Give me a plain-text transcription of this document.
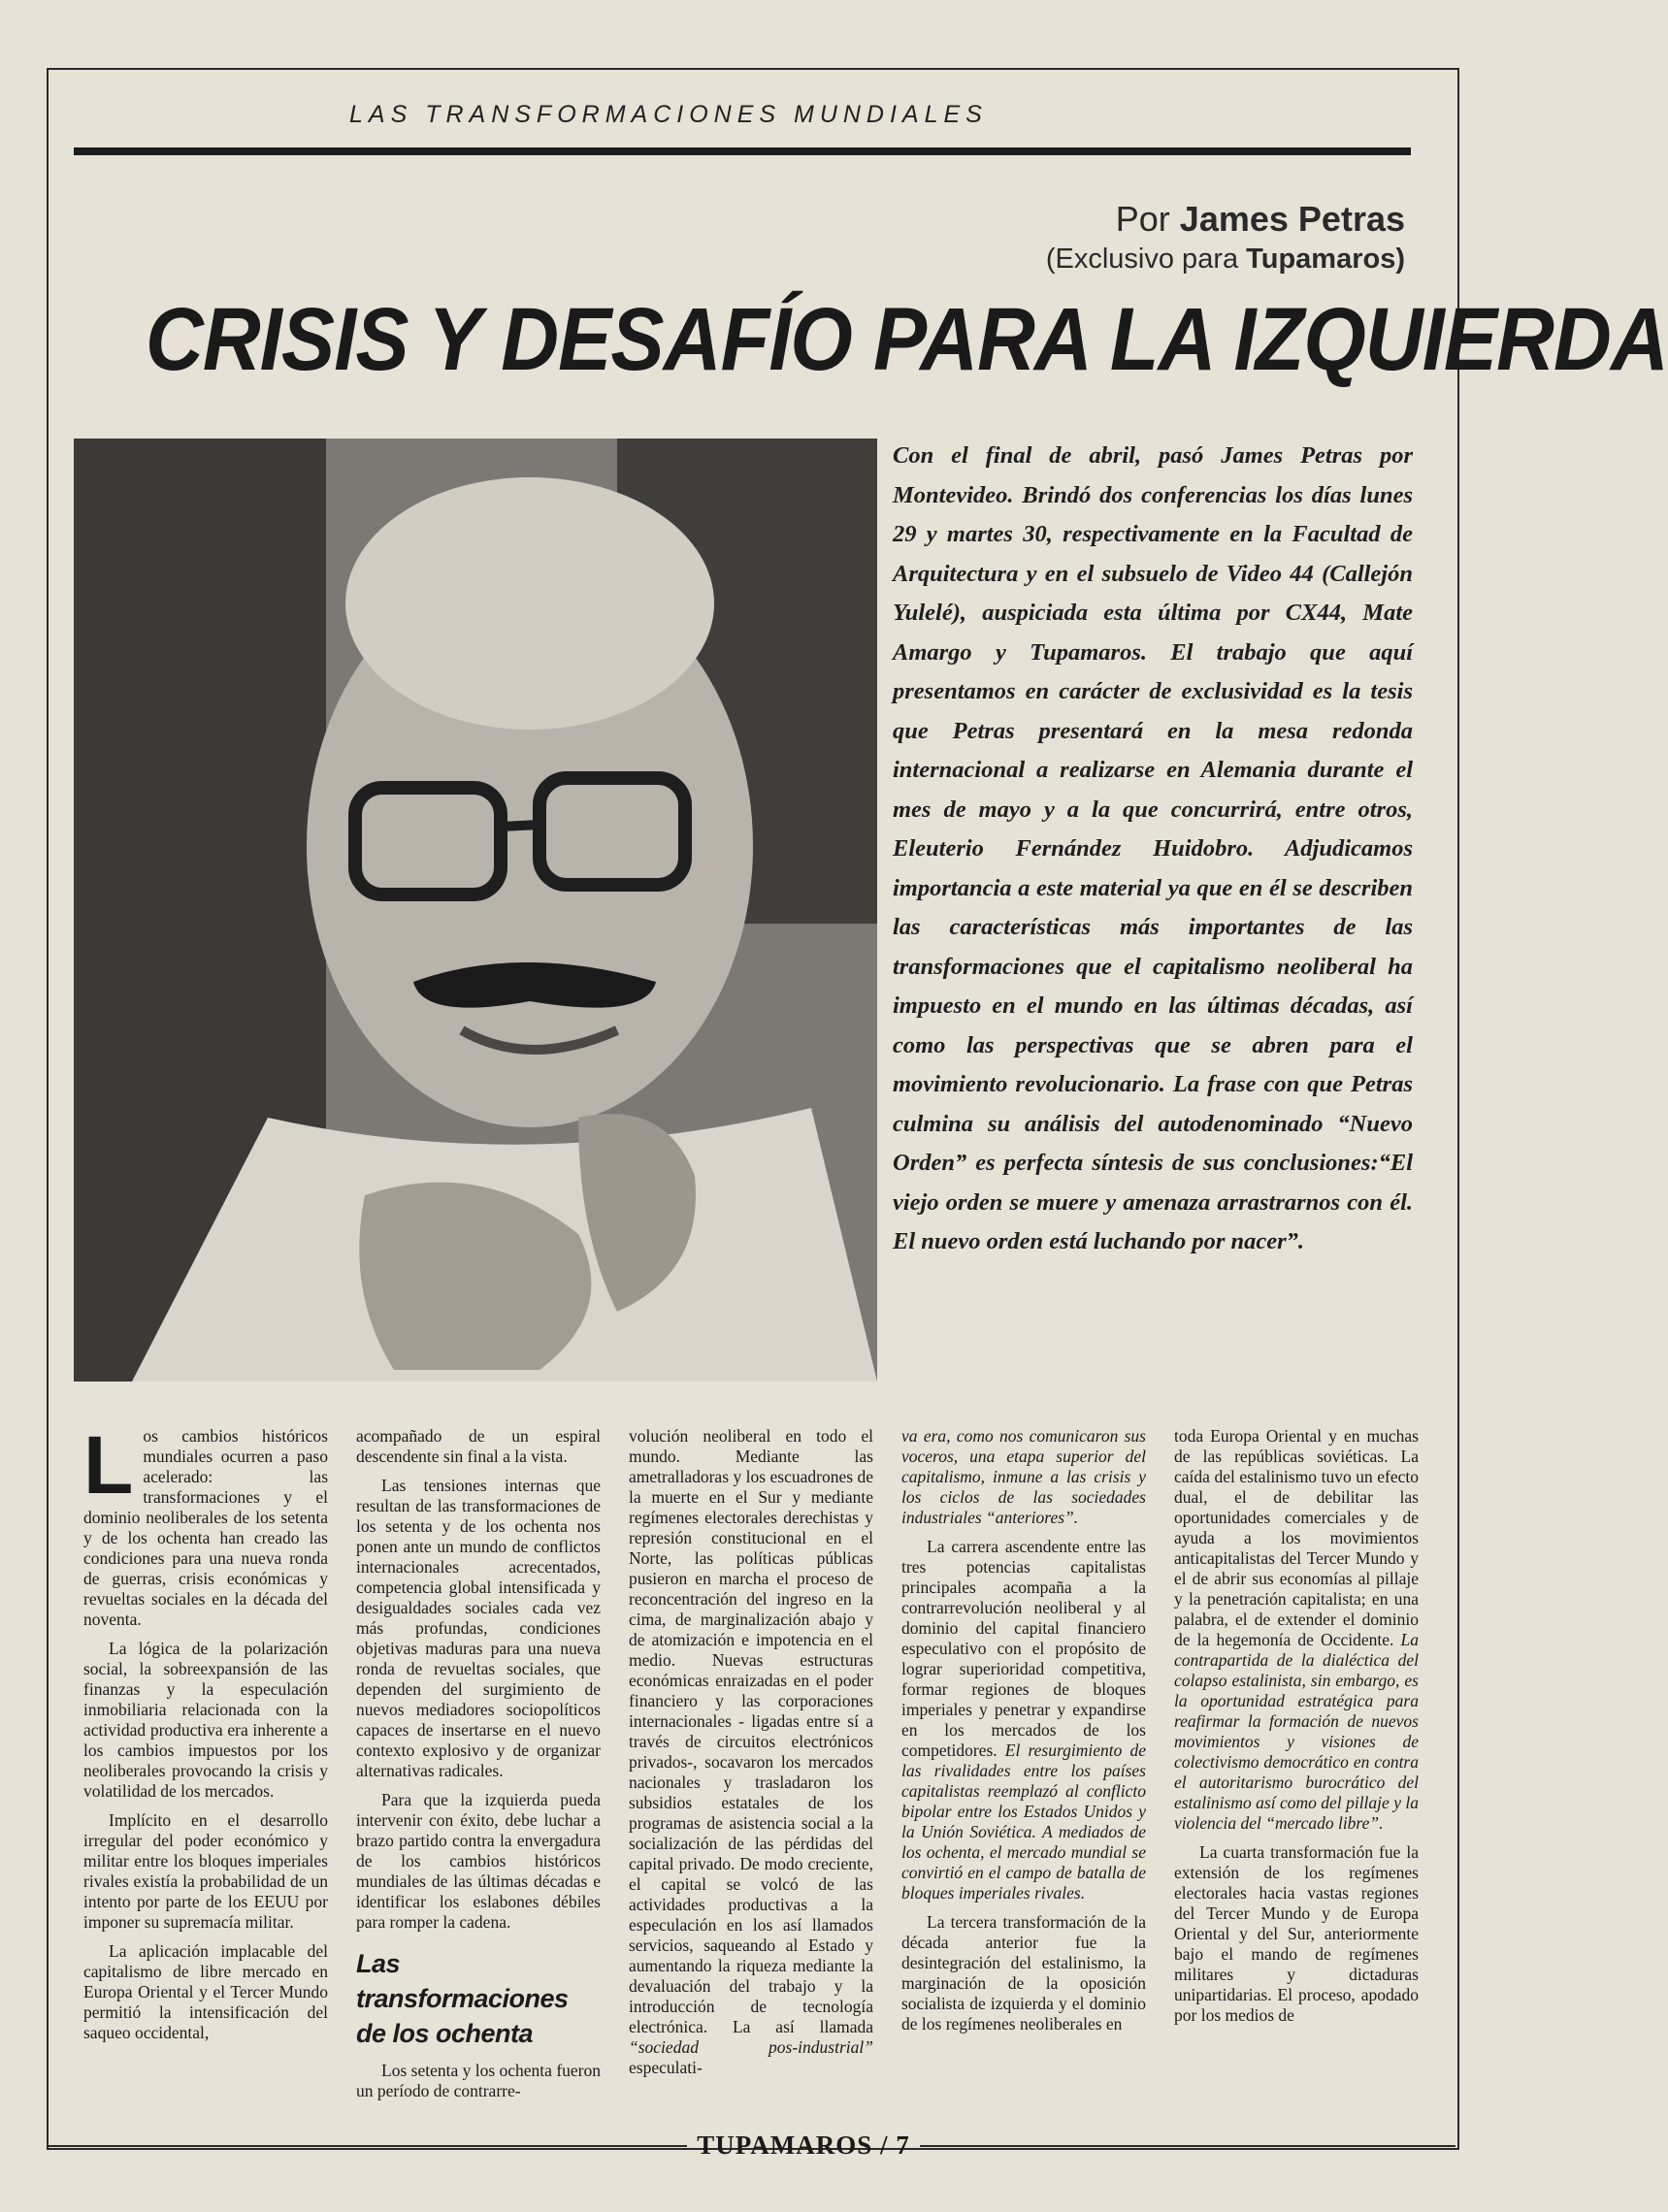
LAS TRANSFORMACIONES MUNDIALES
Por James Petras
(Exclusivo para Tupamaros)
CRISIS Y DESAFÍO PARA LA IZQUIERDA
Con el final de abril, pasó James Petras por Montevideo. Brindó dos conferencias los días lunes 29 y martes 30, respectivamente en la Facultad de Arquitectura y en el subsuelo de Video 44 (Callejón Yulelé), auspiciada esta última por CX44, Mate Amargo y Tupamaros. El trabajo que aquí presentamos en carácter de exclusividad es la tesis que Petras presentará en la mesa redonda internacional a realizarse en Alemania durante el mes de mayo y a la que concurrirá, entre otros, Eleuterio Fernández Huidobro. Adjudicamos importancia a este material ya que en él se describen las características más importantes de las transformaciones que el capitalismo neoliberal ha impuesto en el mundo en las últimas décadas, así como las perspectivas que se abren para el movimiento revolucionario. La frase con que Petras culmina su análisis del autodenominado “Nuevo Orden” es perfecta síntesis de sus conclusiones:“El viejo orden se muere y amenaza arrastrarnos con él. El nuevo orden está luchando por nacer”.

Los cambios históricos mundiales ocurren a paso acelerado: las transformaciones y el dominio neoliberales de los setenta y de los ochenta han creado las condiciones para una nueva ronda de guerras, crisis económicas y revueltas sociales en la década del noventa.

La lógica de la polarización social, la sobreexpansión de las finanzas y la especulación inmobiliaria relacionada con la actividad productiva era inherente a los cambios impuestos por los neoliberales provocando la crisis y volatilidad de los mercados.

Implícito en el desarrollo irregular del poder económico y militar entre los bloques imperiales rivales existía la probabilidad de un intento por parte de los EEUU por imponer su supremacía militar.

La aplicación implacable del capitalismo de libre mercado en Europa Oriental y el Tercer Mundo permitió la intensificación del saqueo occidental,

acompañado de un espiral descendente sin final a la vista.

Las tensiones internas que resultan de las transformaciones de los setenta y de los ochenta nos ponen ante un mundo de conflictos internacionales acrecentados, competencia global intensificada y desigualdades sociales cada vez más profundas, condiciones objetivas maduras para una nueva ronda de revueltas sociales, que dependen del surgimiento de nuevos mediadores sociopolíticos capaces de insertarse en el nuevo contexto explosivo y de organizar alternativas radicales.

Para que la izquierda pueda intervenir con éxito, debe luchar a brazo partido contra la envergadura de los cambios históricos mundiales de las últimas décadas e identificar los eslabones débiles para romper la cadena.

Las transformaciones
de los ochenta

Los setenta y los ochenta fueron un período de contrarre-

volución neoliberal en todo el mundo. Mediante las ametralladoras y los escuadrones de la muerte en el Sur y mediante regímenes electorales derechistas y represión constitucional en el Norte, las políticas públicas pusieron en marcha el proceso de reconcentración del ingreso en la cima, de marginalización abajo y de atomización e impotencia en el medio. Nuevas estructuras económicas enraizadas en el poder financiero y las corporaciones internacionales - ligadas entre sí a través de circuitos electrónicos privados-, socavaron los mercados nacionales y trasladaron los subsidios estatales de los programas de asistencia social a la socialización de las pérdidas del capital privado. De modo creciente, el capital se volcó de las actividades productivas a la especulación en los así llamados servicios, saqueando al Estado y aumentando la riqueza mediante la devaluación del trabajo y la introducción de tecnología electrónica. La así llamada “sociedad pos-industrial” especulati-

va era, como nos comunicaron sus voceros, una etapa superior del capitalismo, inmune a las crisis y los ciclos de las sociedades industriales “anteriores”.

La carrera ascendente entre las tres potencias capitalistas principales acompaña a la contrarrevolución neoliberal y al dominio del capital financiero especulativo con el propósito de lograr superioridad competitiva, formar regiones de bloques imperiales y penetrar y expandirse en los mercados de los competidores. El resurgimiento de las rivalidades entre los países capitalistas reemplazó al conflicto bipolar entre los Estados Unidos y la Unión Soviética. A mediados de los ochenta, el mercado mundial se convirtió en el campo de batalla de bloques imperiales rivales.

La tercera transformación de la década anterior fue la desintegración del estalinismo, la marginación de la oposición socialista de izquierda y el dominio de los regímenes neoliberales en

toda Europa Oriental y en muchas de las repúblicas soviéticas. La caída del estalinismo tuvo un efecto dual, el de debilitar las oportunidades comerciales y de ayuda a los movimientos anticapitalistas del Tercer Mundo y el de abrir sus economías al pillaje y la penetración capitalista; en una palabra, el de extender el dominio de la hegemonía de Occidente. La contrapartida de la dialéctica del colapso estalinista, sin embargo, es la oportunidad estratégica para reafirmar la formación de nuevos movimientos y visiones de colectivismo democrático en contra el autoritarismo burocrático del estalinismo así como del pillaje y la violencia del “mercado libre”.

La cuarta transformación fue la extensión de los regímenes electorales hacia vastas regiones del Tercer Mundo y de Europa Oriental y del Sur, anteriormente bajo el mando de regímenes militares y dictaduras unipartidarias. El proceso, apodado por los medios de

TUPAMAROS / 7
